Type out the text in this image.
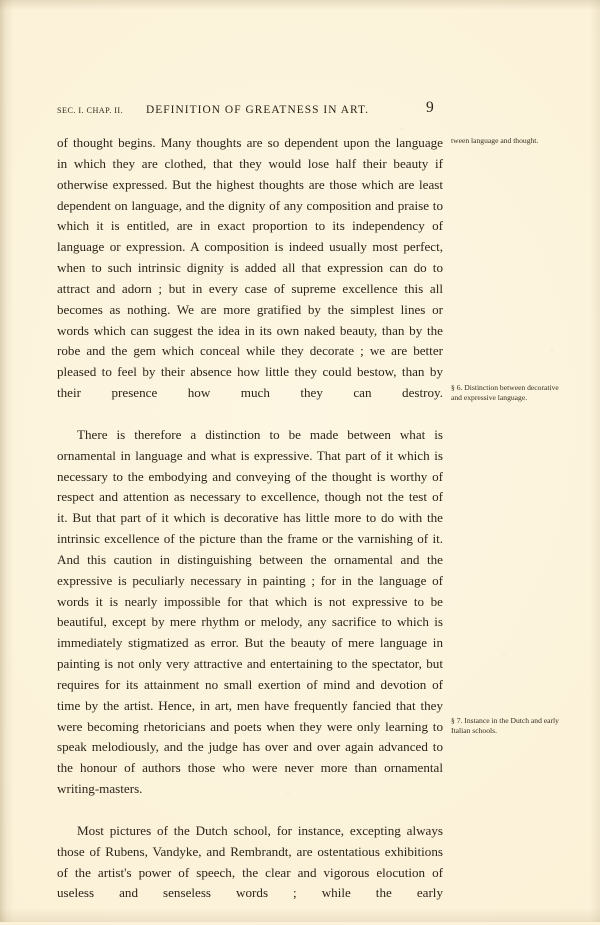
SEC. I. CHAP. II. DEFINITION OF GREATNESS IN ART.	9

of thought begins. Many thoughts are so dependent upon the language in which they are clothed, that they would lose half their beauty if otherwise expressed. But the highest thoughts are those which are least dependent on language, and the dignity of any composition and praise to which it is entitled, are in exact proportion to its independency of language or expression. A composition is indeed usually most perfect, when to such intrinsic dignity is added all that expression can do to attract and adorn ; but in every case of supreme excellence this all becomes as nothing. We are more gratified by the simplest lines or words which can suggest the idea in its own naked beauty, than by the robe and the gem which conceal while they decorate ; we are better pleased to feel by their absence how little they could bestow, than by their presence how much they can destroy.

There is therefore a distinction to be made between what is ornamental in language and what is expressive. That part of it which is necessary to the embodying and conveying of the thought is worthy of respect and attention as necessary to excellence, though not the test of it. But that part of it which is decorative has little more to do with the intrinsic excellence of the picture than the frame or the varnishing of it. And this caution in distinguishing between the ornamental and the expressive is peculiarly necessary in painting ; for in the language of words it is nearly impossible for that which is not expressive to be beautiful, except by mere rhythm or melody, any sacrifice to which is immediately stigmatized as error. But the beauty of mere language in painting is not only very attractive and entertaining to the spectator, but requires for its attainment no small exertion of mind and devotion of time by the artist. Hence, in art, men have frequently fancied that they were becoming rhetoricians and poets when they were only learning to speak melodiously, and the judge has over and over again advanced to the honour of authors those who were never more than ornamental writing-masters.

Most pictures of the Dutch school, for instance, excepting always those of Rubens, Vandyke, and Rembrandt, are ostentatious exhibitions of the artist's power of speech, the clear and vigorous elocution of useless and senseless words ; while the early

tween language and thought.
§ 6. Distinction between decorative and expressive language.
§ 7. Instance in the Dutch and early Italian schools.
